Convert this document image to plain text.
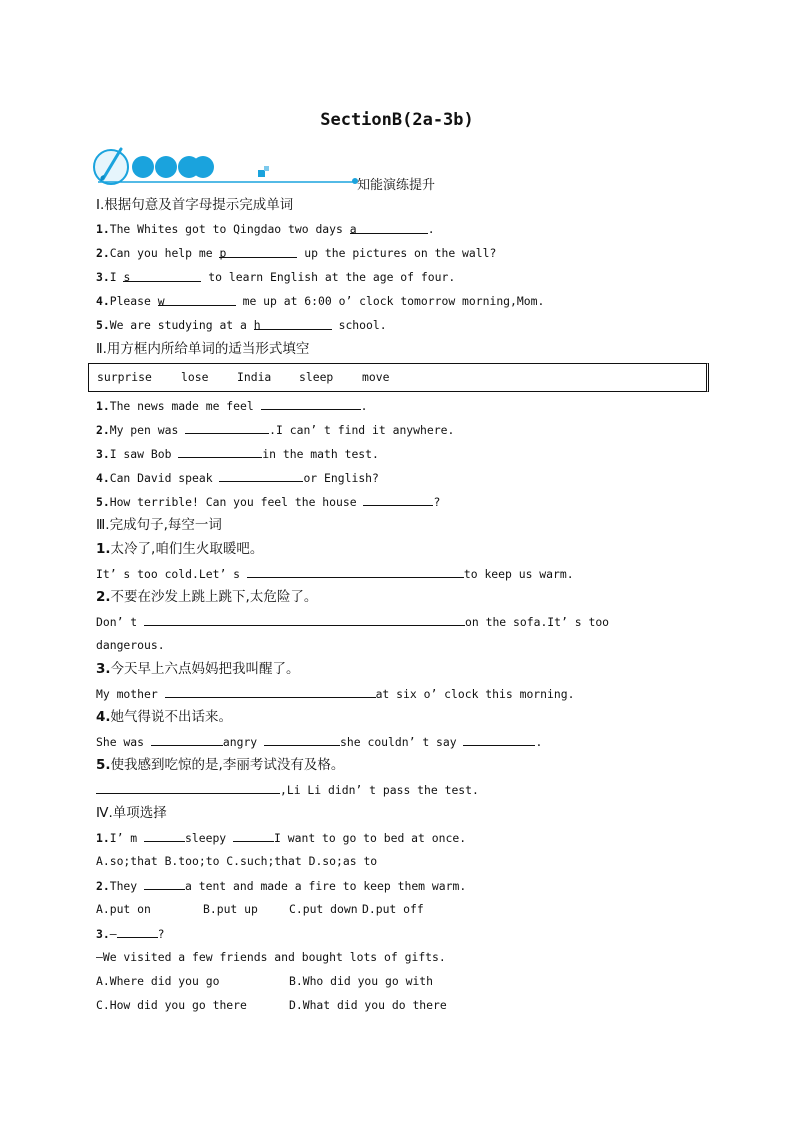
SectionB(2a-3b)
知能演练提升
Ⅰ.根据句意及首字母提示完成单词
1.The Whites got to Qingdao two days a	.
2.Can you help me p	up the pictures on the wall?
3.I s	to learn English at the age of four.
4.Please w	me up at 6:00 o’ clock tomorrow morning,Mom.
5.We are studying at a h	school.
Ⅱ.用方框内所给单词的适当形式填空
surprise	lose	India sleep	move
1.The news made me feel	.
2.My pen was	.I can’ t find it anywhere.
3.I saw Bob	in the math test.
4.Can David speak	or English?
5.How terrible! Can you feel the house	?
Ⅲ.完成句子,每空一词
1.太冷了,咱们生火取暖吧。
It’ s too cold.Let’ s	to keep us warm.
2.不要在沙发上跳上跳下,太危险了。
Don’ t	on the sofa.It’ s too
dangerous.
3.今天早上六点妈妈把我叫醒了。
My mother	at six o’ clock this morning.
4.她气得说不出话来。
She was	angry	she couldn’ t say	.
5.使我感到吃惊的是,李丽考试没有及格。
,Li Li didn’ t pass the test.
Ⅳ.单项选择
1.I’ m	sleepy	I want to go to bed at once.
A.so;that B.too;to C.such;that D.so;as to
2.They	a tent and made a fire to keep them warm.
A.put on	B.put up	C.put down D.put off
3.—	?
—We visited a few friends and bought lots of gifts.
A.Where did you go	B.Who did you go with
C.How did you go there	D.What did you do there
